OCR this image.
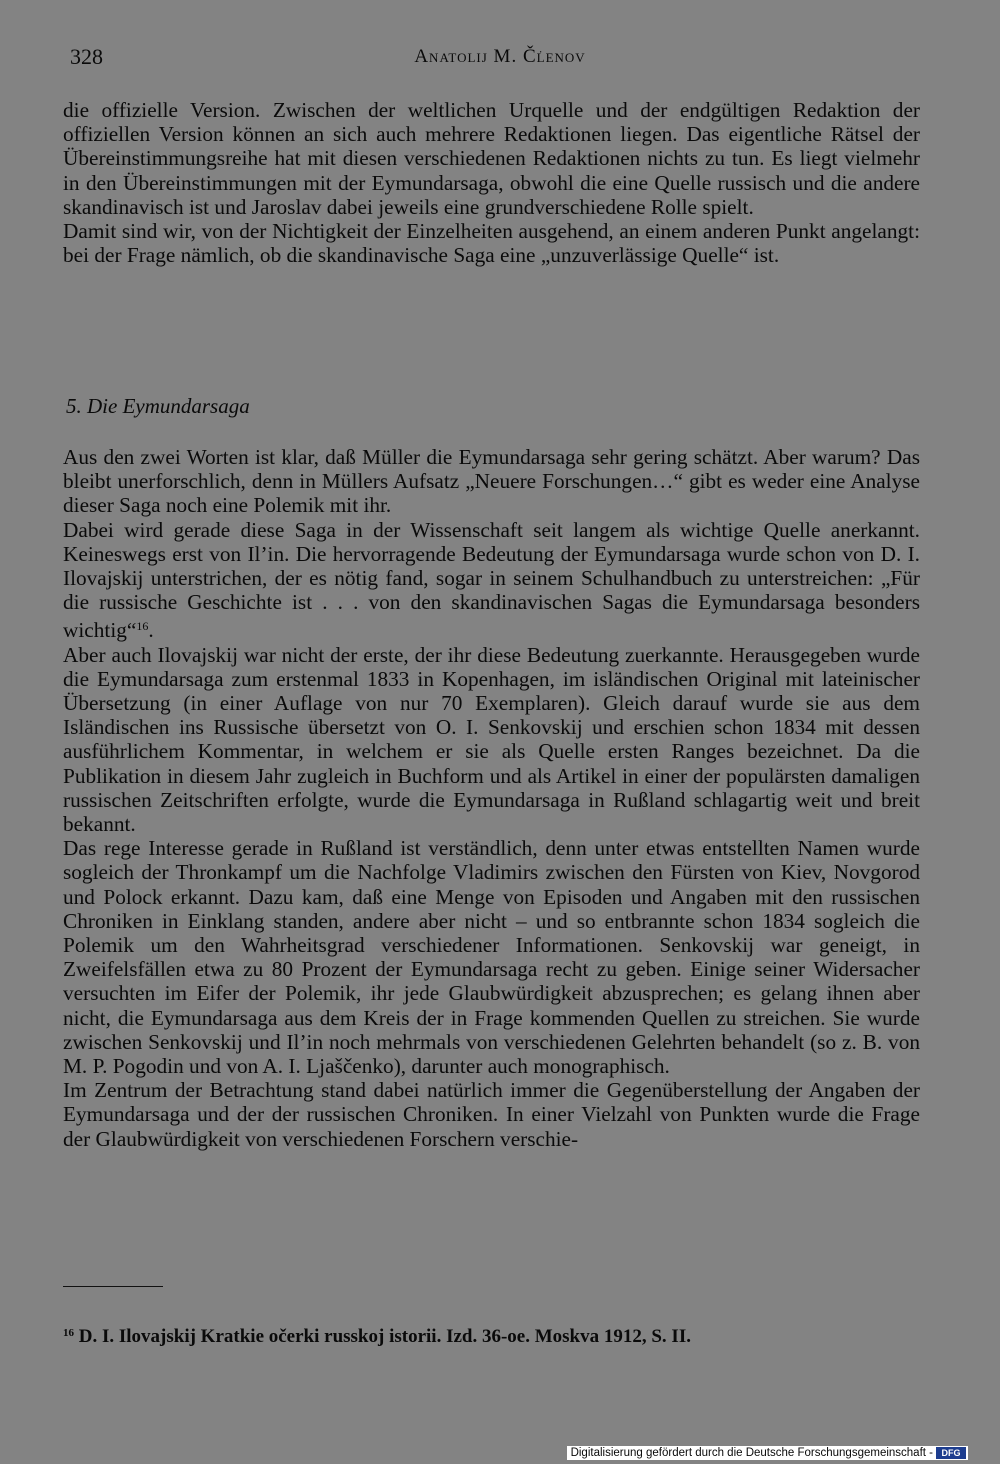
328	Anatolij M. Čl̇enov

die offizielle Version. Zwischen der weltlichen Urquelle und der endgültigen Redaktion der offiziellen Version können an sich auch mehrere Redaktionen liegen. Das eigentliche Rätsel der Übereinstimmungsreihe hat mit diesen verschiedenen Redaktionen nichts zu tun. Es liegt vielmehr in den Übereinstimmungen mit der Eymundarsaga, obwohl die eine Quelle russisch und die andere skandinavisch ist und Jaroslav dabei jeweils eine grundverschiedene Rolle spielt.

Damit sind wir, von der Nichtigkeit der Einzelheiten ausgehend, an einem anderen Punkt angelangt: bei der Frage nämlich, ob die skandinavische Saga eine „unzuverlässige Quelle“ ist.

5. Die Eymundarsaga

Aus den zwei Worten ist klar, daß Müller die Eymundarsaga sehr gering schätzt. Aber warum? Das bleibt unerforschlich, denn in Müllers Aufsatz „Neuere Forschungen…“ gibt es weder eine Analyse dieser Saga noch eine Polemik mit ihr.

Dabei wird gerade diese Saga in der Wissenschaft seit langem als wichtige Quelle anerkannt. Keineswegs erst von Il’in. Die hervorragende Bedeutung der Eymundarsaga wurde schon von D. I. Ilovajskij unterstrichen, der es nötig fand, sogar in seinem Schulhandbuch zu unterstreichen: „Für die russische Geschichte ist . . . von den skandinavischen Sagas die Eymundarsaga besonders wichtig“$^{16}$.

Aber auch Ilovajskij war nicht der erste, der ihr diese Bedeutung zuerkannte. Herausgegeben wurde die Eymundarsaga zum erstenmal 1833 in Kopenhagen, im isländischen Original mit lateinischer Übersetzung (in einer Auflage von nur 70 Exemplaren). Gleich darauf wurde sie aus dem Isländischen ins Russische übersetzt von O. I. Senkovskij und erschien schon 1834 mit dessen ausführlichem Kommentar, in welchem er sie als Quelle ersten Ranges bezeichnet. Da die Publikation in diesem Jahr zugleich in Buchform und als Artikel in einer der populärsten damaligen russischen Zeitschriften erfolgte, wurde die Eymundarsaga in Rußland schlagartig weit und breit bekannt.

Das rege Interesse gerade in Rußland ist verständlich, denn unter etwas entstellten Namen wurde sogleich der Thronkampf um die Nachfolge Vladimirs zwischen den Fürsten von Kiev, Novgorod und Polock erkannt. Dazu kam, daß eine Menge von Episoden und Angaben mit den russischen Chroniken in Einklang standen, andere aber nicht – und so entbrannte schon 1834 sogleich die Polemik um den Wahrheitsgrad verschiedener Informationen. Senkovskij war geneigt, in Zweifelsfällen etwa zu 80 Prozent der Eymundarsaga recht zu geben. Einige seiner Widersacher versuchten im Eifer der Polemik, ihr jede Glaubwürdigkeit abzusprechen; es gelang ihnen aber nicht, die Eymundarsaga aus dem Kreis der in Frage kommenden Quellen zu streichen. Sie wurde zwischen Senkovskij und Il’in noch mehrmals von verschiedenen Gelehrten behandelt (so z. B. von M. P. Pogodin und von A. I. Ljaščenko), darunter auch monographisch.

Im Zentrum der Betrachtung stand dabei natürlich immer die Gegenüberstellung der Angaben der Eymundarsaga und der der russischen Chroniken. In einer Vielzahl von Punkten wurde die Frage der Glaubwürdigkeit von verschiedenen Forschern verschie-

$^{16}$ D. I. Ilovajskij Kratkie očerki russkoj istorii. Izd. 36-oe. Moskva 1912, S. II.
Digitalisierung gefördert durch die Deutsche Forschungsgemeinschaft - DFG
